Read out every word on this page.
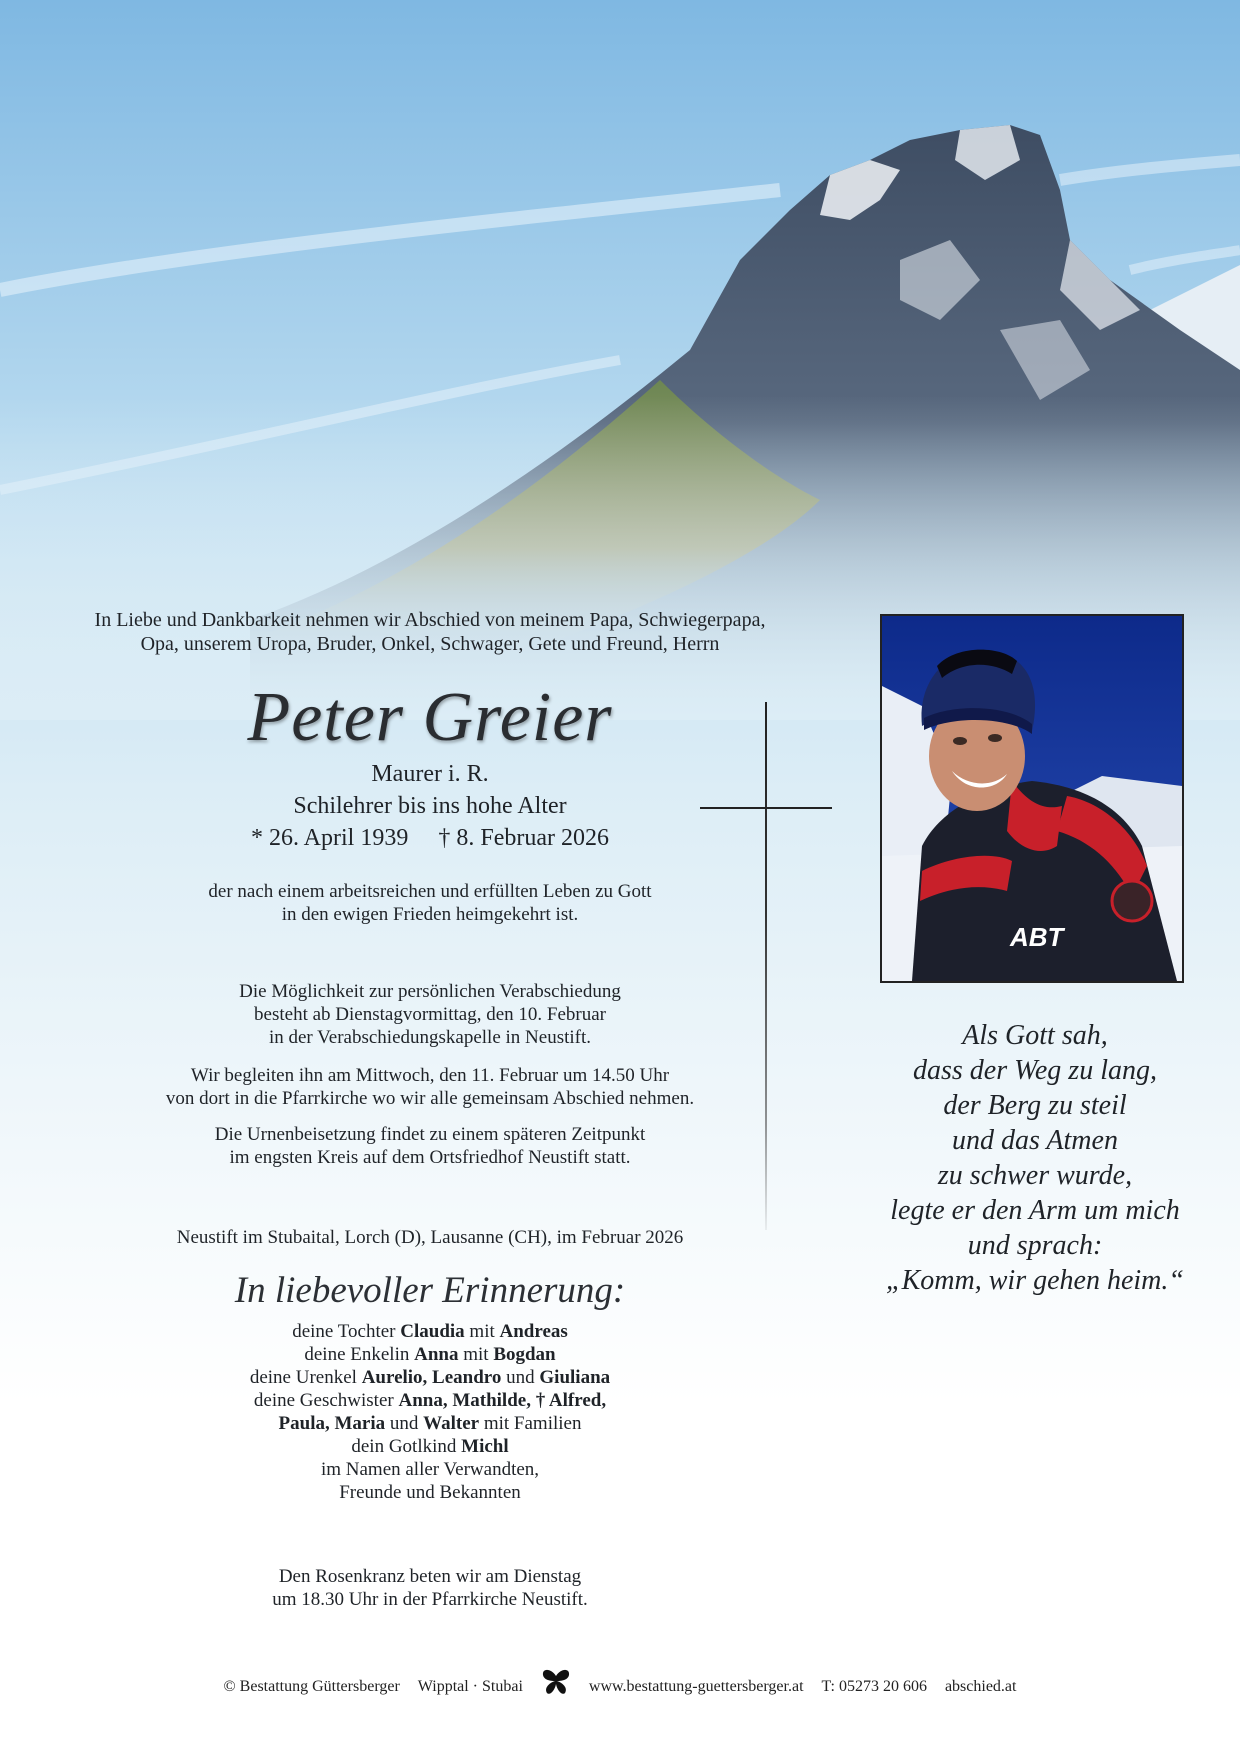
In Liebe und Dankbarkeit nehmen wir Abschied von meinem Papa, Schwiegerpapa,
Opa, unserem Uropa, Bruder, Onkel, Schwager, Gete und Freund, Herrn
Peter Greier
Maurer i. R.
Schilehrer bis ins hohe Alter
* 26. April 1939 † 8. Februar 2026
der nach einem arbeitsreichen und erfüllten Leben zu Gott
in den ewigen Frieden heimgekehrt ist.
Die Möglichkeit zur persönlichen Verabschiedung
besteht ab Dienstagvormittag, den 10. Februar
in der Verabschiedungskapelle in Neustift.
Wir begleiten ihn am Mittwoch, den 11. Februar um 14.50 Uhr
von dort in die Pfarrkirche wo wir alle gemeinsam Abschied nehmen.
Die Urnenbeisetzung findet zu einem späteren Zeitpunkt
im engsten Kreis auf dem Ortsfriedhof Neustift statt.
Neustift im Stubaital, Lorch (D), Lausanne (CH), im Februar 2026
In liebevoller Erinnerung:
deine Tochter Claudia mit Andreas
deine Enkelin Anna mit Bogdan
deine Urenkel Aurelio, Leandro und Giuliana
deine Geschwister Anna, Mathilde, † Alfred,
Paula, Maria und Walter mit Familien
dein Gotlkind Michl
im Namen aller Verwandten,
Freunde und Bekannten
Den Rosenkranz beten wir am Dienstag
um 18.30 Uhr in der Pfarrkirche Neustift.
ABT
Als Gott sah,
dass der Weg zu lang,
der Berg zu steil
und das Atmen
zu schwer wurde,
legte er den Arm um mich
und sprach:
„Komm, wir gehen heim.“
© Bestattung Güttersberger Wipptal · Stubai	www.bestattung-guettersberger.at T: 05273 20 606 abschied.at
